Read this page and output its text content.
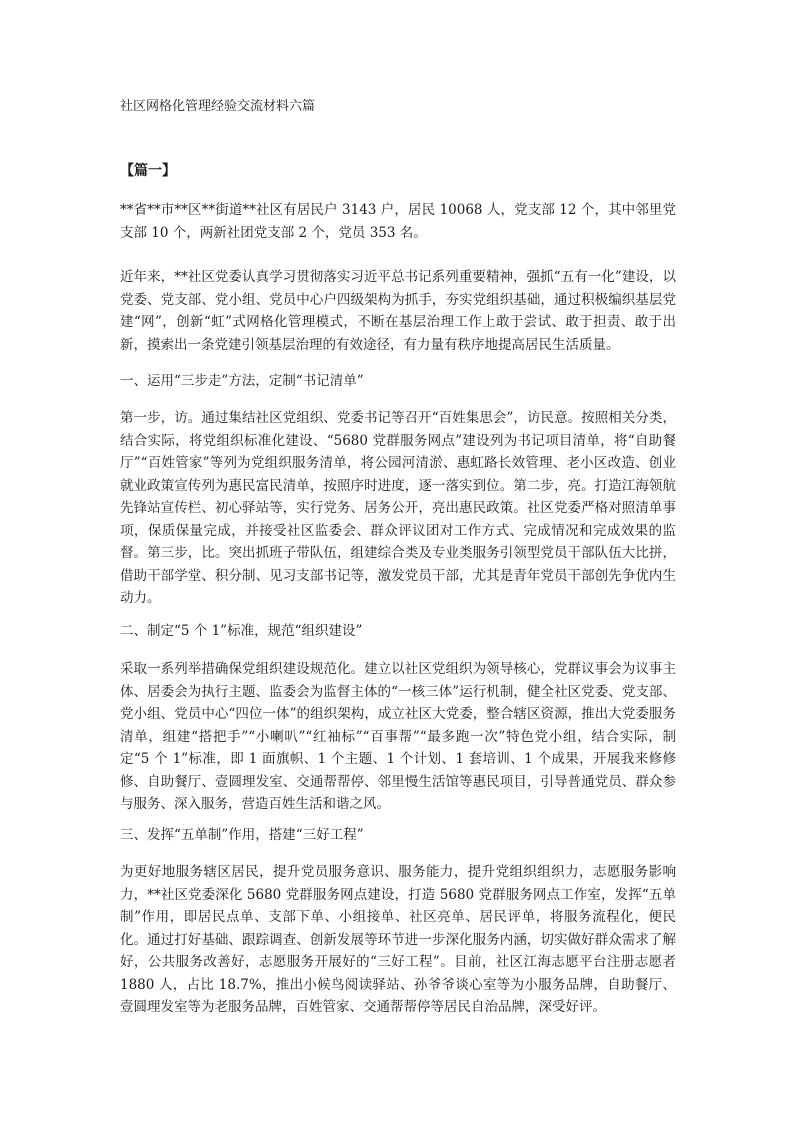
社区网格化管理经验交流材料六篇
【篇一】

**省**市**区**街道**社区有居民户 3143 户，居民 10068 人，党支部 12 个，其中邻里党支部 10 个，两新社团党支部 2 个，党员 353 名。

近年来，**社区党委认真学习贯彻落实习近平总书记系列重要精神，强抓“五有一化”建设，以党委、党支部、党小组、党员中心户四级架构为抓手，夯实党组织基础，通过积极编织基层党建“网”，创新“虹”式网格化管理模式，不断在基层治理工作上敢于尝试、敢于担责、敢于出新，摸索出一条党建引领基层治理的有效途径，有力量有秩序地提高居民生活质量。

一、运用“三步走”方法，定制“书记清单”

第一步，访。通过集结社区党组织、党委书记等召开“百姓集思会”，访民意。按照相关分类，结合实际，将党组织标准化建设、“5680 党群服务网点”建设列为书记项目清单，将“自助餐厅”“百姓管家”等列为党组织服务清单，将公园河清淤、惠虹路长效管理、老小区改造、创业就业政策宣传列为惠民富民清单，按照序时进度，逐一落实到位。第二步，亮。打造江海领航先锋站宣传栏、初心驿站等，实行党务、居务公开，亮出惠民政策。社区党委严格对照清单事项，保质保量完成，并接受社区监委会、群众评议团对工作方式、完成情况和完成效果的监督。第三步，比。突出抓班子带队伍，组建综合类及专业类服务引领型党员干部队伍大比拼，借助干部学堂、积分制、见习支部书记等，激发党员干部，尤其是青年党员干部创先争优内生动力。

二、制定“5 个 1”标准，规范“组织建设”

采取一系列举措确保党组织建设规范化。建立以社区党组织为领导核心，党群议事会为议事主体、居委会为执行主题、监委会为监督主体的“一核三体”运行机制，健全社区党委、党支部、党小组、党员中心“四位一体”的组织架构，成立社区大党委，整合辖区资源，推出大党委服务清单，组建“搭把手”“小喇叭”“红袖标”“百事帮”“最多跑一次”特色党小组，结合实际，制定“5 个 1”标准，即 1 面旗帜、1 个主题、1 个计划、1 套培训、1 个成果，开展我来修修修、自助餐厅、壹圆理发室、交通帮帮停、邻里慢生活馆等惠民项目，引导普通党员、群众参与服务、深入服务，营造百姓生活和谐之风。

三、发挥“五单制”作用，搭建“三好工程”

为更好地服务辖区居民，提升党员服务意识、服务能力，提升党组织组织力，志愿服务影响力，**社区党委深化 5680 党群服务网点建设，打造 5680 党群服务网点工作室，发挥“五单制”作用，即居民点单、支部下单、小组接单、社区亮单、居民评单，将服务流程化，便民化。通过打好基础、跟踪调查、创新发展等环节进一步深化服务内涵，切实做好群众需求了解好，公共服务改善好，志愿服务开展好的“三好工程”。目前，社区江海志愿平台注册志愿者 1880 人，占比 18.7%，推出小候鸟阅读驿站、孙爷爷谈心室等为小服务品牌，自助餐厅、壹圆理发室等为老服务品牌，百姓管家、交通帮帮停等居民自治品牌，深受好评。
